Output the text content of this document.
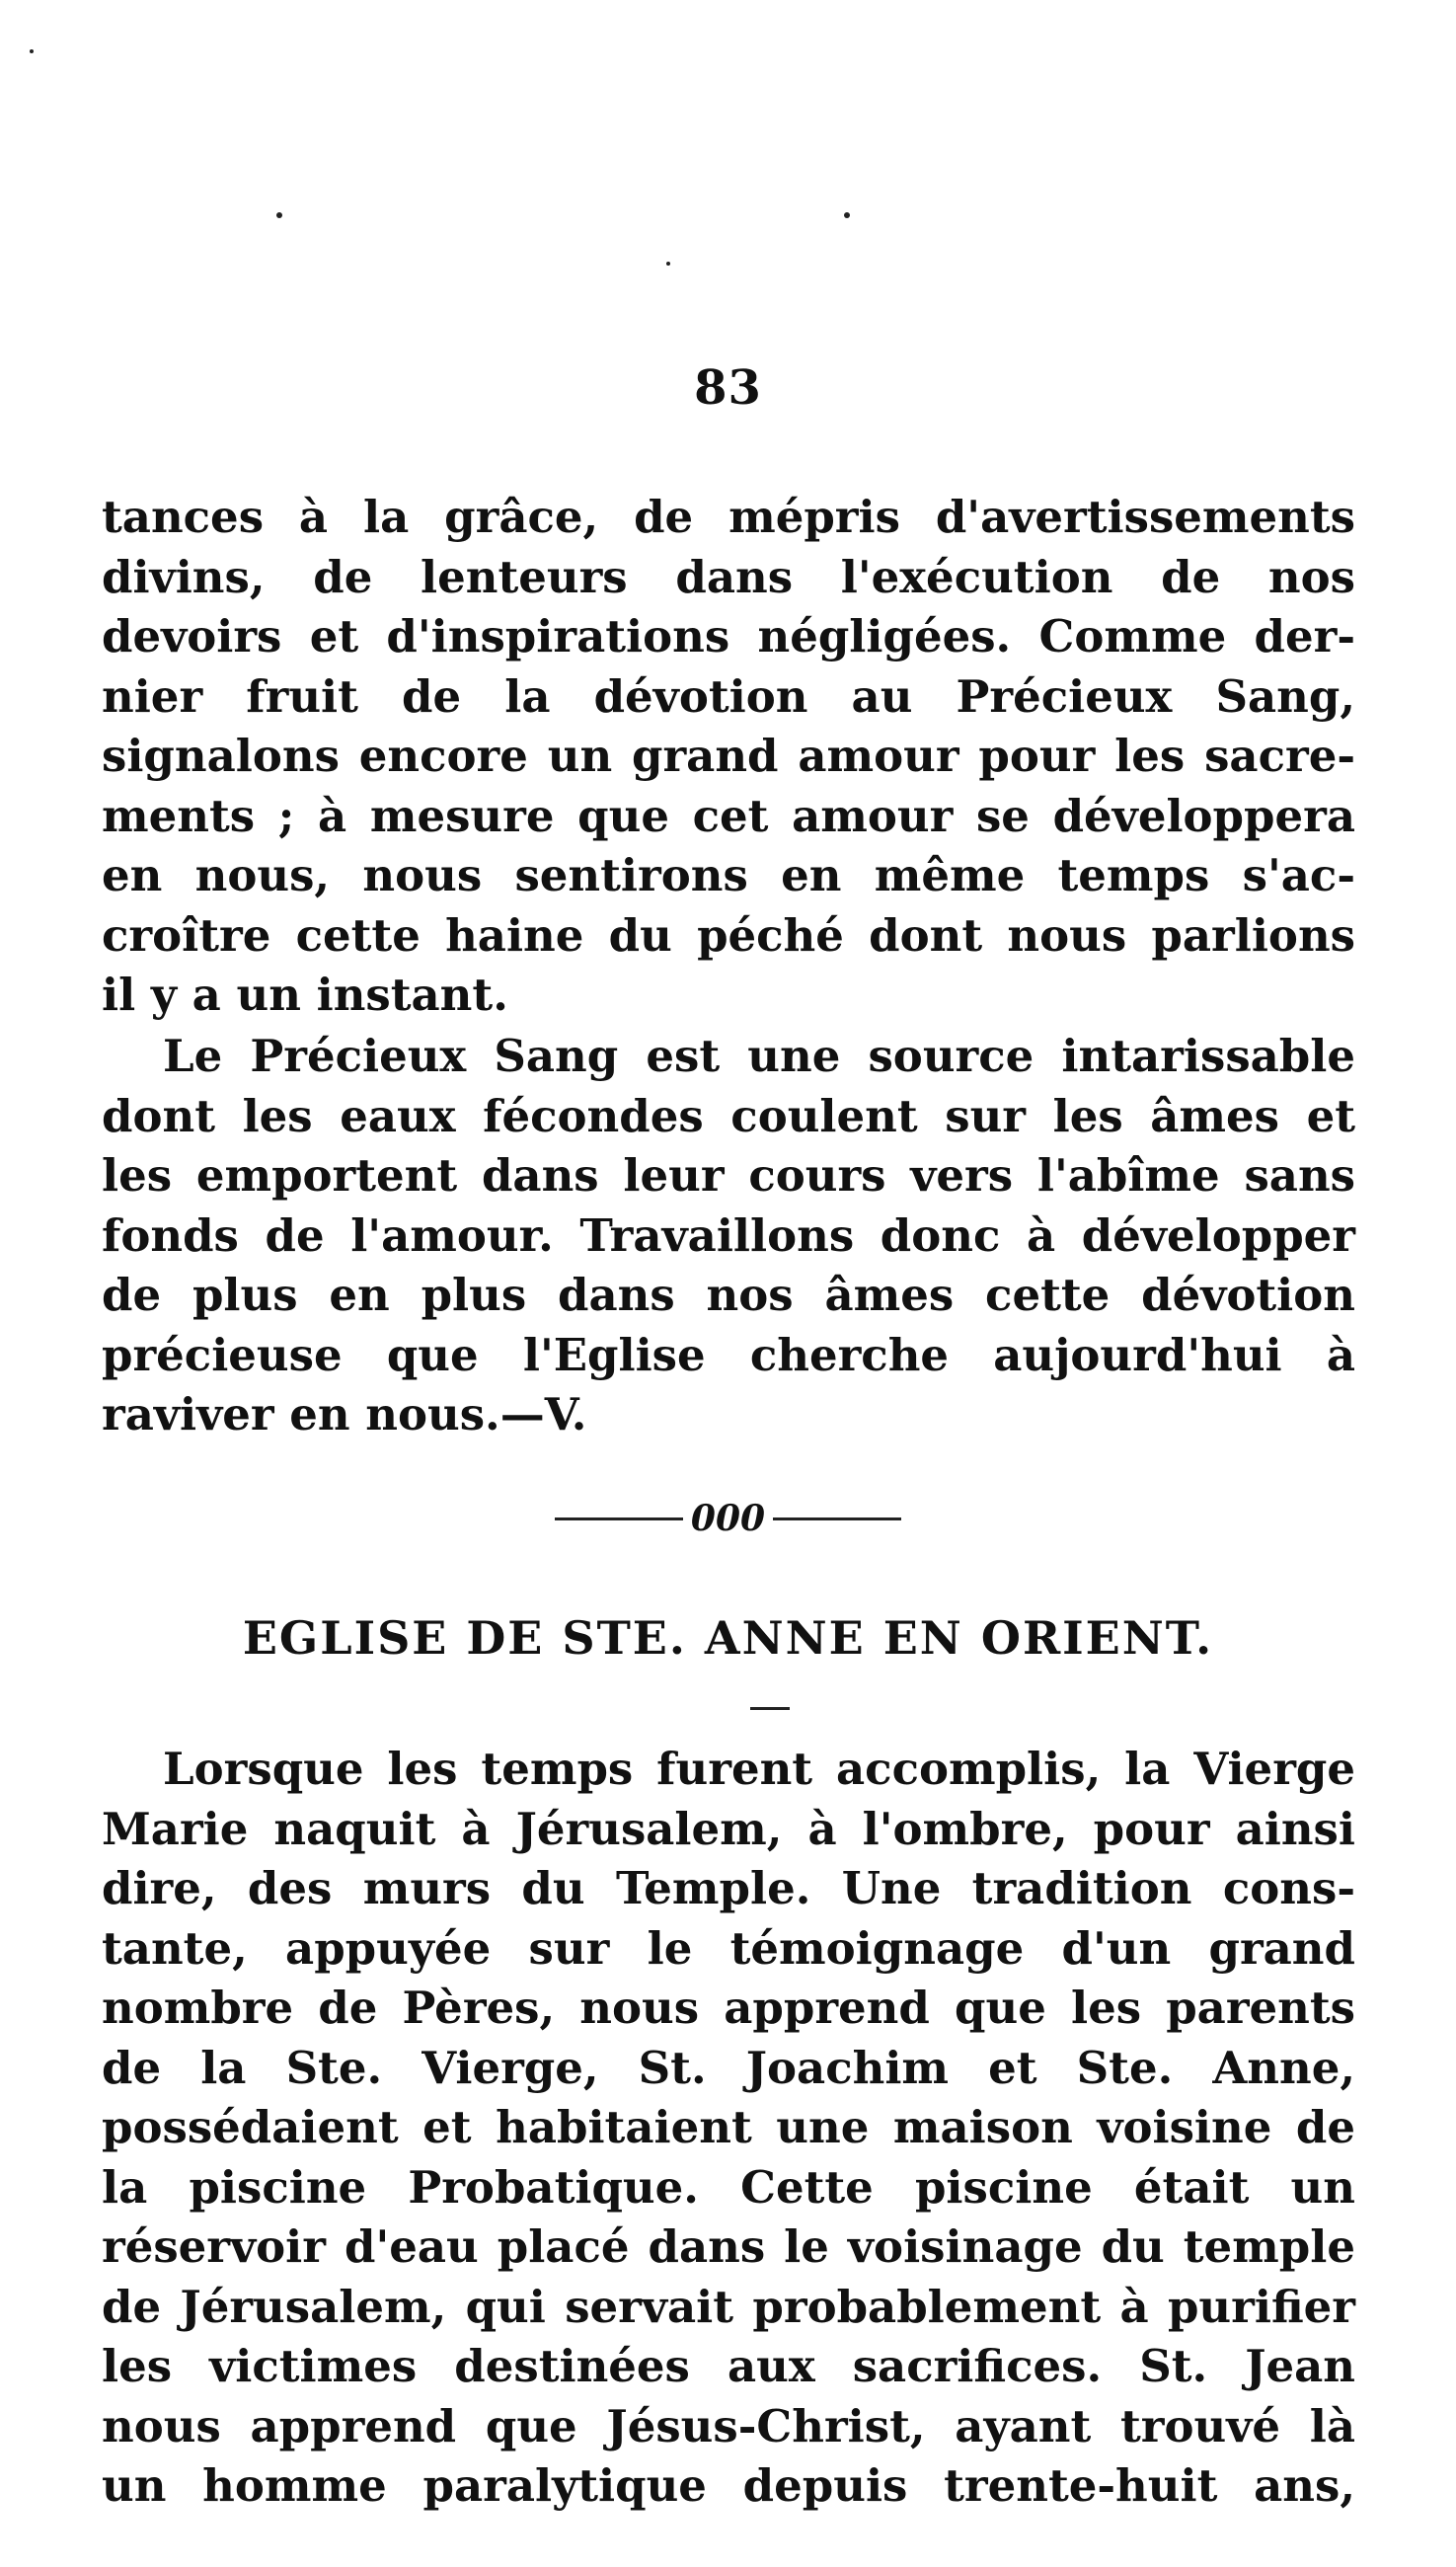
83
tances à la grâce, de mépris d'avertissements
divins, de lenteurs dans l'exécution de nos
devoirs et d'inspirations négligées. Comme der-
nier fruit de la dévotion au Précieux Sang,
signalons encore un grand amour pour les sacre-
ments ; à mesure que cet amour se développera
en nous, nous sentirons en même temps s'ac-
croître cette haine du péché dont nous parlions
il y a un instant.
Le Précieux Sang est une source intarissable
dont les eaux fécondes coulent sur les âmes et
les emportent dans leur cours vers l'abîme sans
fonds de l'amour. Travaillons donc à développer
de plus en plus dans nos âmes cette dévotion
précieuse que l'Eglise cherche aujourd'hui à
raviver en nous.—V.
000
EGLISE DE STE. ANNE EN ORIENT.
Lorsque les temps furent accomplis, la Vierge
Marie naquit à Jérusalem, à l'ombre, pour ainsi
dire, des murs du Temple. Une tradition cons-
tante, appuyée sur le témoignage d'un grand
nombre de Pères, nous apprend que les parents
de la Ste. Vierge, St. Joachim et Ste. Anne,
possédaient et habitaient une maison voisine de
la piscine Probatique. Cette piscine était un
réservoir d'eau placé dans le voisinage du temple
de Jérusalem, qui servait probablement à purifier
les victimes destinées aux sacrifices. St. Jean
nous apprend que Jésus-Christ, ayant trouvé là
un homme paralytique depuis trente-huit ans,
